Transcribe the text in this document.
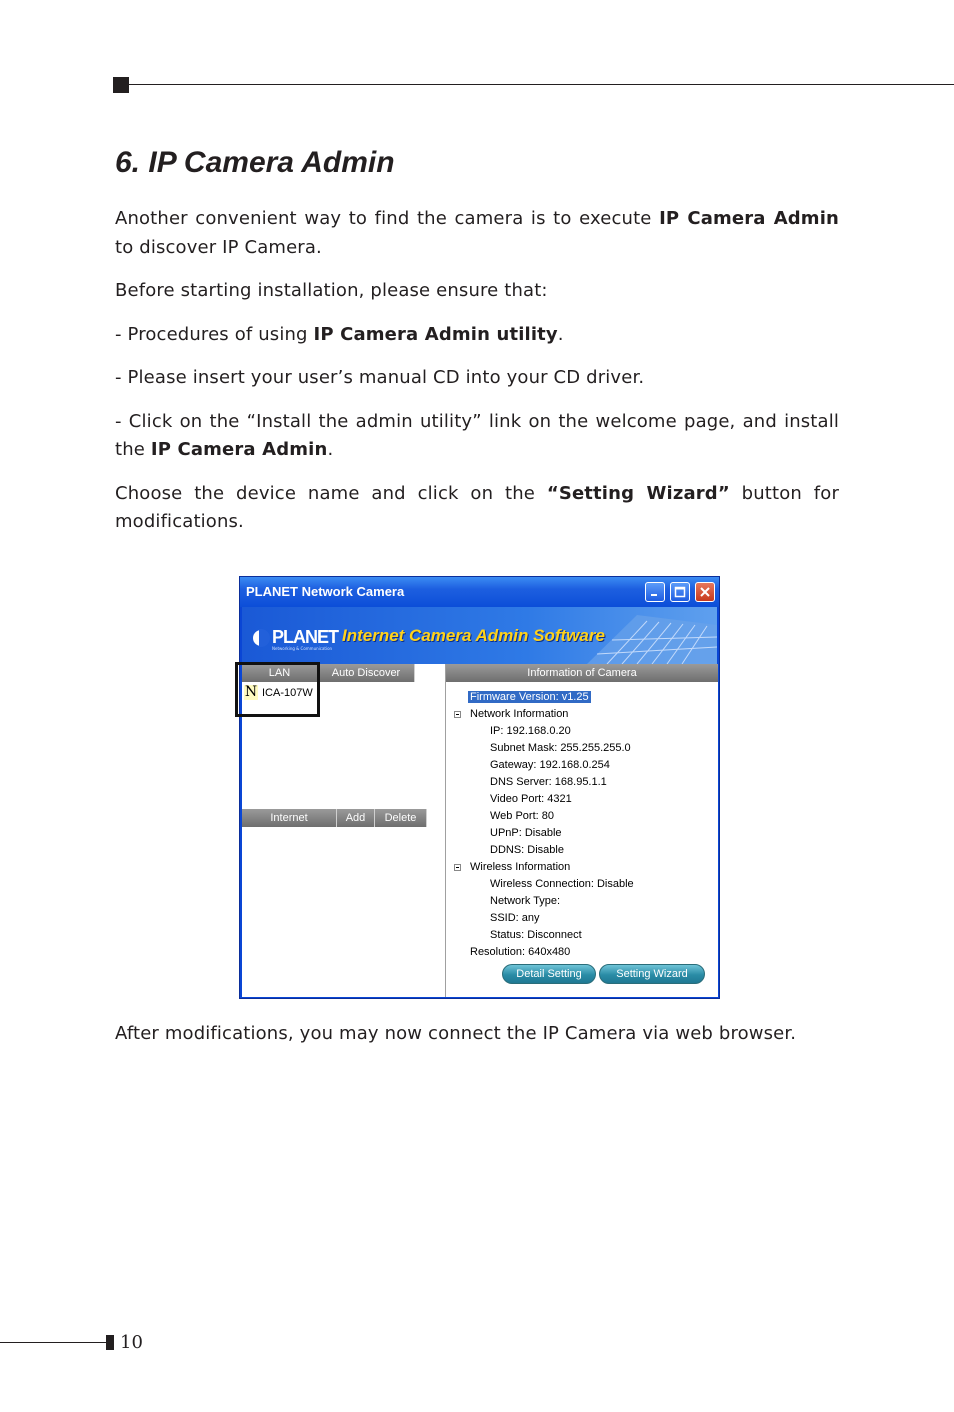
6. IP Camera Admin

Another convenient way to find the camera is to execute IP Camera Admin to discover IP Camera.

Before starting installation, please ensure that:

- Procedures of using IP Camera Admin utility.

- Please insert your user’s manual CD into your CD driver.

- Click on the “Install the admin utility” link on the welcome page, and install the IP Camera Admin.

Choose the device name and click on the “Setting Wizard” button for modifications.

PLANET Network Camera
PLANET
Networking & Communication
Internet Camera Admin Software
LAN	Auto Discover
N ICA-107W
Internet	Add	Delete
Information of Camera
Firmware Version: v1.25
Network Information
IP: 192.168.0.20
Subnet Mask: 255.255.255.0
Gateway: 192.168.0.254
DNS Server: 168.95.1.1
Video Port: 4321
Web Port: 80
UPnP: Disable
DDNS: Disable
Wireless Information
Wireless Connection: Disable
Network Type:
SSID: any
Status: Disconnect
Resolution: 640x480
Detail Setting	Setting Wizard

After modifications, you may now connect the IP Camera via web browser.

10
